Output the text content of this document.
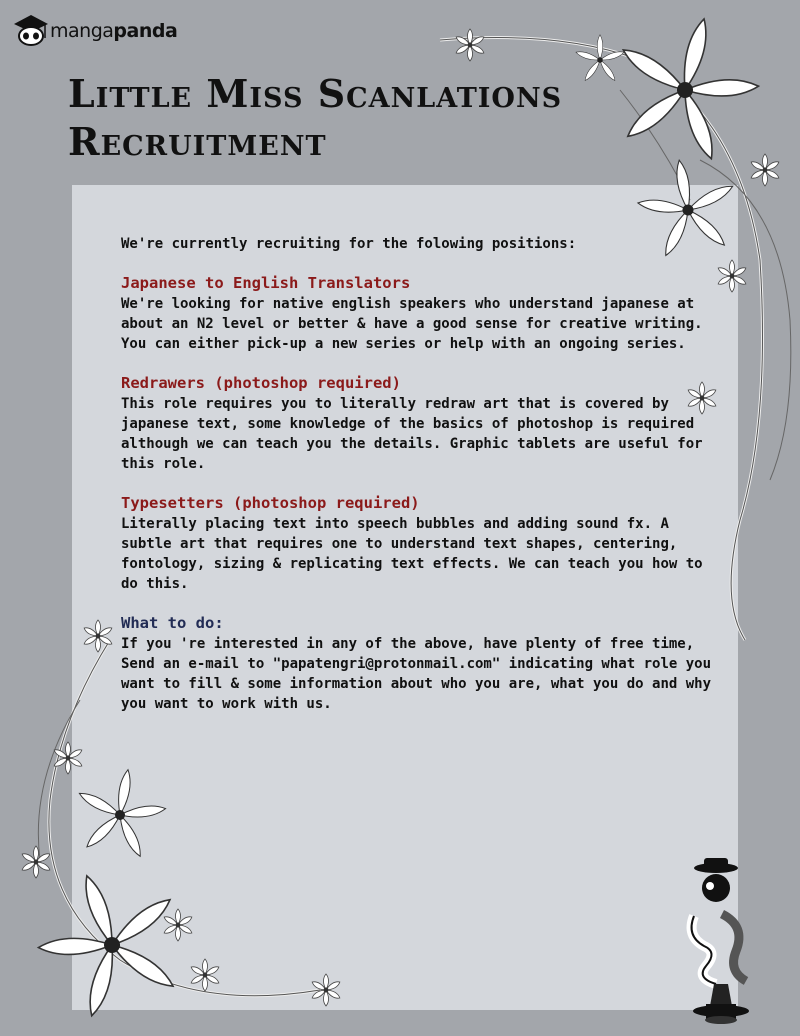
mangapanda
Little Miss Scanlations
Recruitment

We're currently recruiting for the folowing positions:

Japanese to English Translators

We're looking for native english speakers who understand japanese at about an N2 level or better & have a good sense for creative writing. You can either pick-up a new series or help with an ongoing series.

Redrawers (photoshop required)

This role requires you to literally redraw art that is covered by japanese text, some knowledge of the basics of photoshop is required although we can teach you the details. Graphic tablets are useful for this role.

Typesetters (photoshop required)

Literally placing text into speech bubbles and adding sound fx. A subtle art that requires one to understand text shapes, centering, fontology, sizing & replicating text effects. We can teach you how to do this.

What to do:

If you 're interested in any of the above, have plenty of free time, Send an e-mail to "papatengri@protonmail.com" indicating what role you want to fill & some information about who you are, what you do and why you want to work with us.
